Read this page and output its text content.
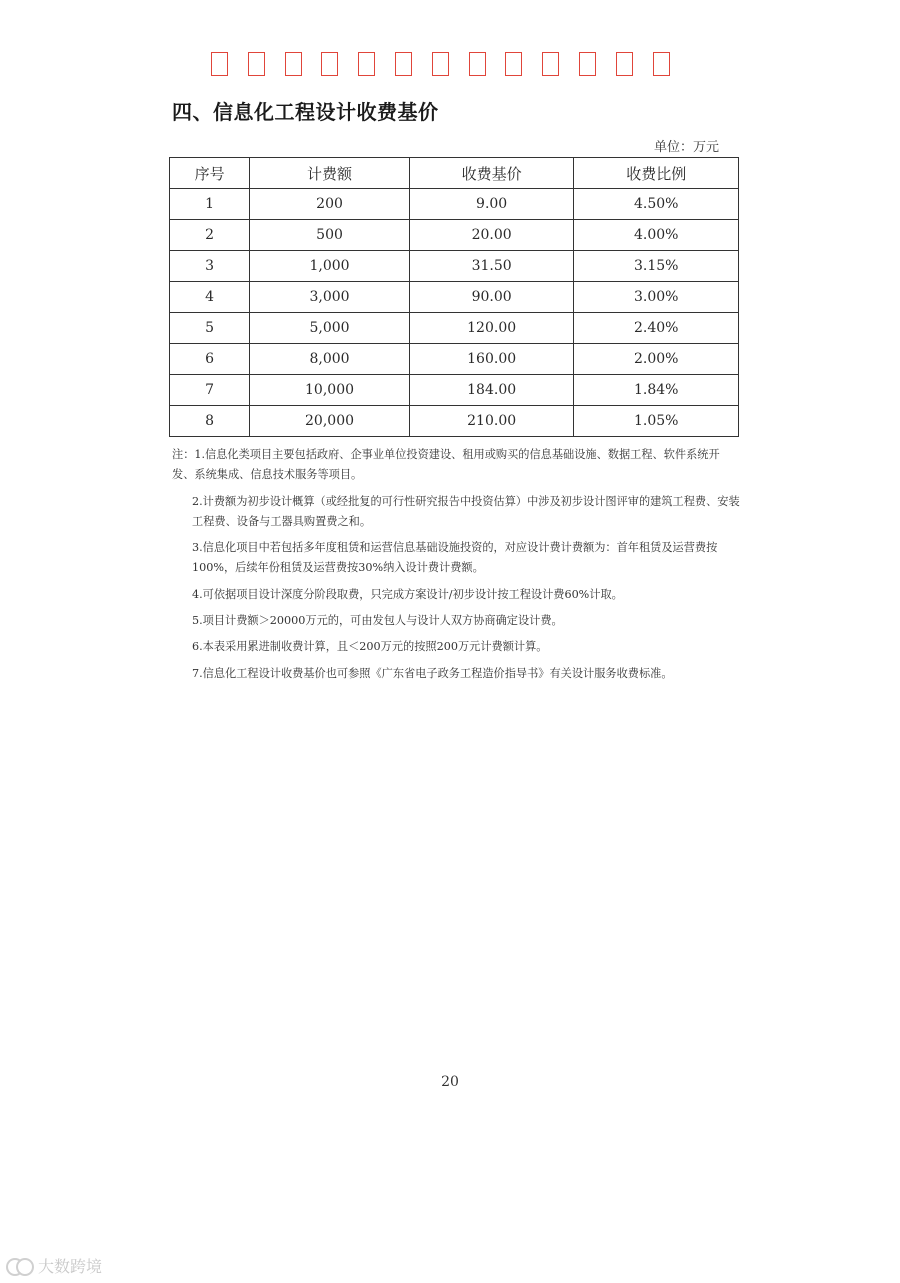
四、信息化工程设计收费基价
单位：万元
序号	计费额	收费基价	收费比例
1	200	9.00	4.50%
2	500	20.00	4.00%
3	1,000	31.50	3.15%
4	3,000	90.00	3.00%
5	5,000	120.00	2.40%
6	8,000	160.00	2.00%
7	10,000	184.00	1.84%
8	20,000	210.00	1.05%

注：1.信息化类项目主要包括政府、企事业单位投资建设、租用或购买的信息基础设施、数据工程、软件系统开发、系统集成、信息技术服务等项目。

2.计费额为初步设计概算（或经批复的可行性研究报告中投资估算）中涉及初步设计图评审的建筑工程费、安装工程费、设备与工器具购置费之和。

3.信息化项目中若包括多年度租赁和运营信息基础设施投资的，对应设计费计费额为：首年租赁及运营费按100%，后续年份租赁及运营费按30%纳入设计费计费额。

4.可依据项目设计深度分阶段取费，只完成方案设计/初步设计按工程设计费60%计取。

5.项目计费额＞20000万元的，可由发包人与设计人双方协商确定设计费。

6.本表采用累进制收费计算，且＜200万元的按照200万元计费额计算。

7.信息化工程设计收费基价也可参照《广东省电子政务工程造价指导书》有关设计服务收费标准。

20
大数跨境
